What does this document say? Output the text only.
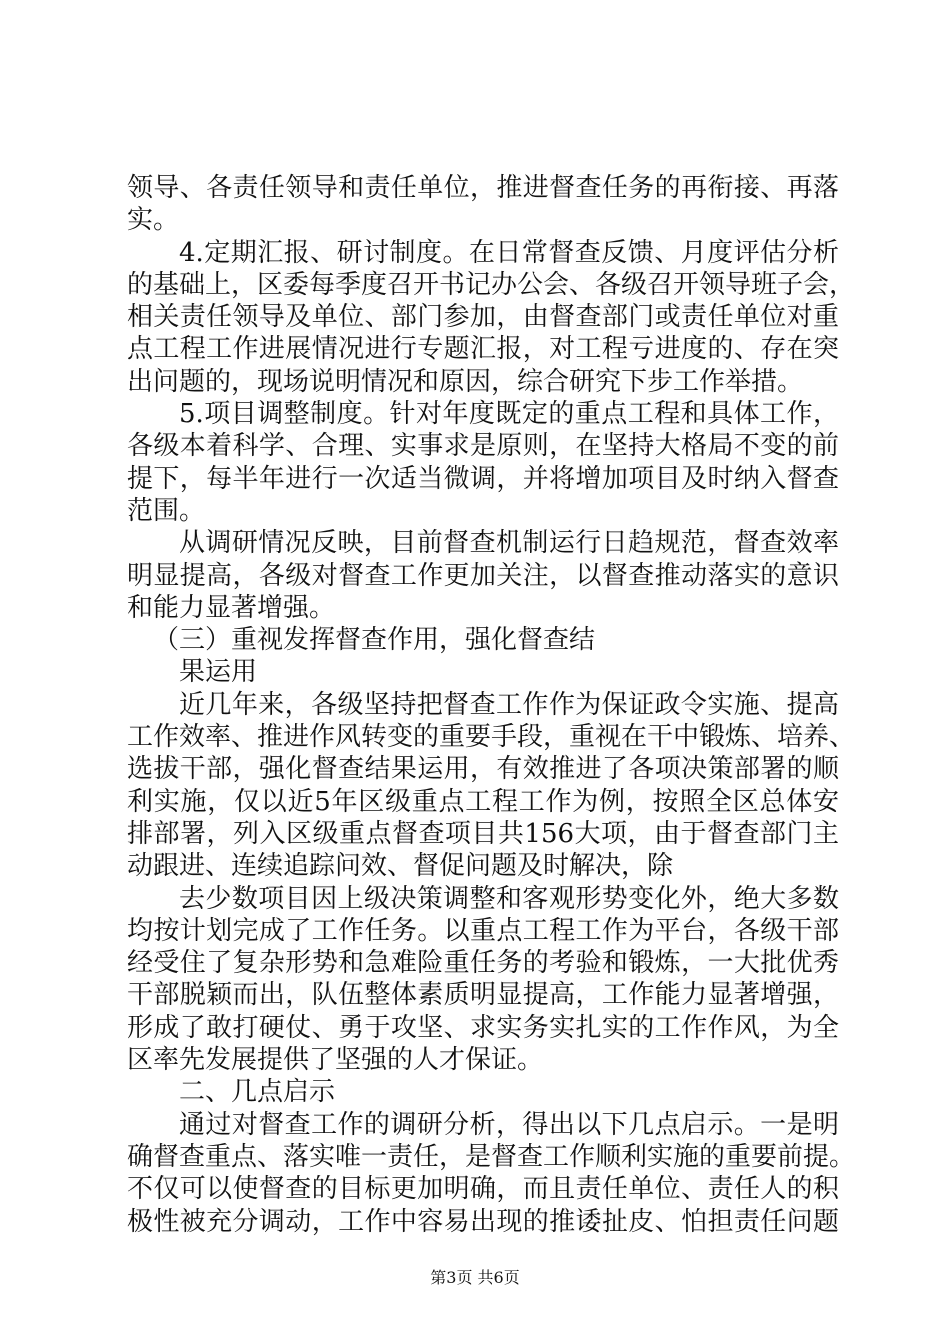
领导、各责任领导和责任单位，推进督查任务的再衔接、再落
实。
4.定期汇报、研讨制度。在日常督查反馈、月度评估分析
的基础上，区委每季度召开书记办公会、各级召开领导班子会，
相关责任领导及单位、部门参加，由督查部门或责任单位对重
点工程工作进展情况进行专题汇报，对工程亏进度的、存在突
出问题的，现场说明情况和原因，综合研究下步工作举措。
5.项目调整制度。针对年度既定的重点工程和具体工作，
各级本着科学、合理、实事求是原则，在坚持大格局不变的前
提下，每半年进行一次适当微调，并将增加项目及时纳入督查
范围。
从调研情况反映，目前督查机制运行日趋规范，督查效率
明显提高，各级对督查工作更加关注，以督查推动落实的意识
和能力显著增强。
（三）重视发挥督查作用，强化督查结
果运用
近几年来，各级坚持把督查工作作为保证政令实施、提高
工作效率、推进作风转变的重要手段，重视在干中锻炼、培养、
选拔干部，强化督查结果运用，有效推进了各项决策部署的顺
利实施，仅以近5年区级重点工程工作为例，按照全区总体安
排部署，列入区级重点督查项目共156大项，由于督查部门主
动跟进、连续追踪问效、督促问题及时解决，除
去少数项目因上级决策调整和客观形势变化外，绝大多数
均按计划完成了工作任务。以重点工程工作为平台，各级干部
经受住了复杂形势和急难险重任务的考验和锻炼，一大批优秀
干部脱颖而出，队伍整体素质明显提高，工作能力显著增强，
形成了敢打硬仗、勇于攻坚、求实务实扎实的工作作风，为全
区率先发展提供了坚强的人才保证。
二、几点启示
通过对督查工作的调研分析，得出以下几点启示。一是明
确督查重点、落实唯一责任，是督查工作顺利实施的重要前提。
不仅可以使督查的目标更加明确，而且责任单位、责任人的积
极性被充分调动，工作中容易出现的推诿扯皮、怕担责任问题
第3页 共6页
